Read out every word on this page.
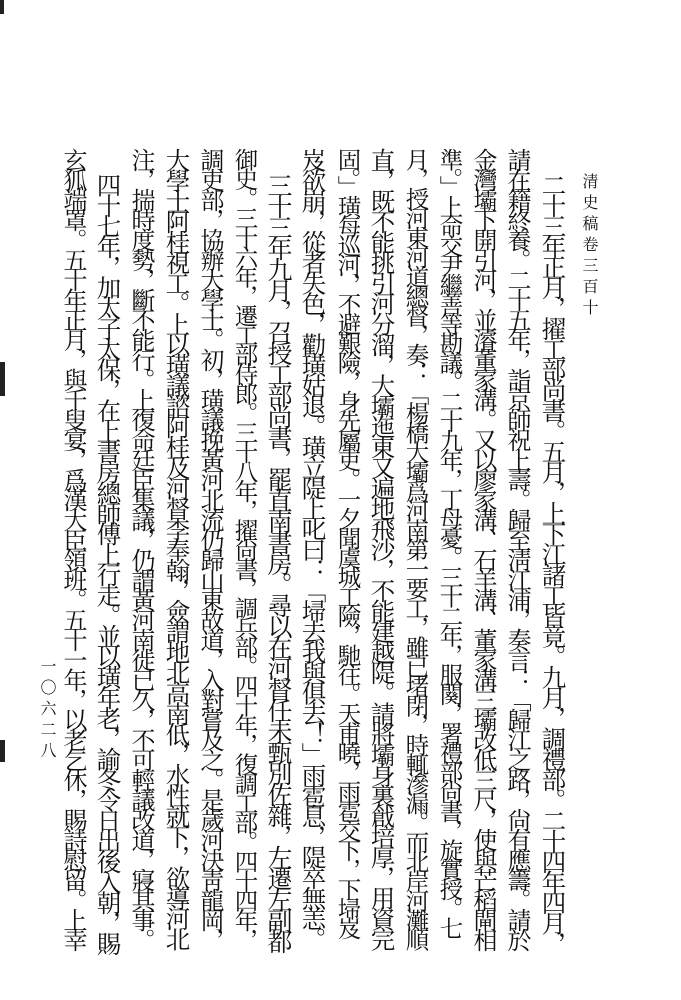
清史稿卷三百十
一〇六二八	二十三年正月，擢工部尚書。五月，上下江諸工皆竟。九月，調禮部。二十四年四月，
請在籍終養。二十五年，詣京師祝上壽。歸至淸江浦，奏言：「歸江之路，尙有應籌。請於
金灣壩下開引河，並濬董家溝。又以廖家溝、石羊溝、董家溝三壩改低三尺，使與芒稻閘相
準。」上命交尹繼善等勘議。二十九年，丁母憂。三十二年，服闋，署禮部尙書，旋實授。七
月，授河東河道總督，奏：「楊橋大壩爲河南第一要工，雖已堵閉，時輒滲漏。而北岸河灘順
直，既不能挑引河分溜，大壩迤東又遍地飛沙，不能建越隄。請將壩身裏戧培厚，用資完
固。」璜每巡河，不避艱險，身先屬吏。一夕聞虞城工險，馳往。天甫曉，雨雹交下，下埽岌
岌欲崩，從者失色，勸璜姑退。璜立隄上叱曰：「埽去我與俱去！」雨雹息，隄卒無恙。
三十三年九月，召授工部尚書，罷直南書房。尋以在河督任未甄別佐雜，左遷左副都
御史。三十六年，遷工部侍郎。三十八年，擢尙書，調兵部。四十年，復調工部。四十四年，
調吏部，協辦大學士。初，璜議挽黃河北流仍歸山東故道，入對嘗及之。是歲河決靑龍岡，
大學士阿桂視工。上以璜議諮阿桂及河督李奉翰，僉謂地北高南低，水性就下，欲導河北
注，揣時度勢，斷不能行。上復命廷臣集議，仍謂黃河南徙已久，不可輕議改道，寢其事。
四十七年，加太子太保，在上書房總師傅上行走。並以璜年老，諭冬令日出後入朝，賜
玄狐端罩。五十年正月，與千叟宴，爲漢大臣領班。五十一年，以老乞休，賜詩慰留。上幸
